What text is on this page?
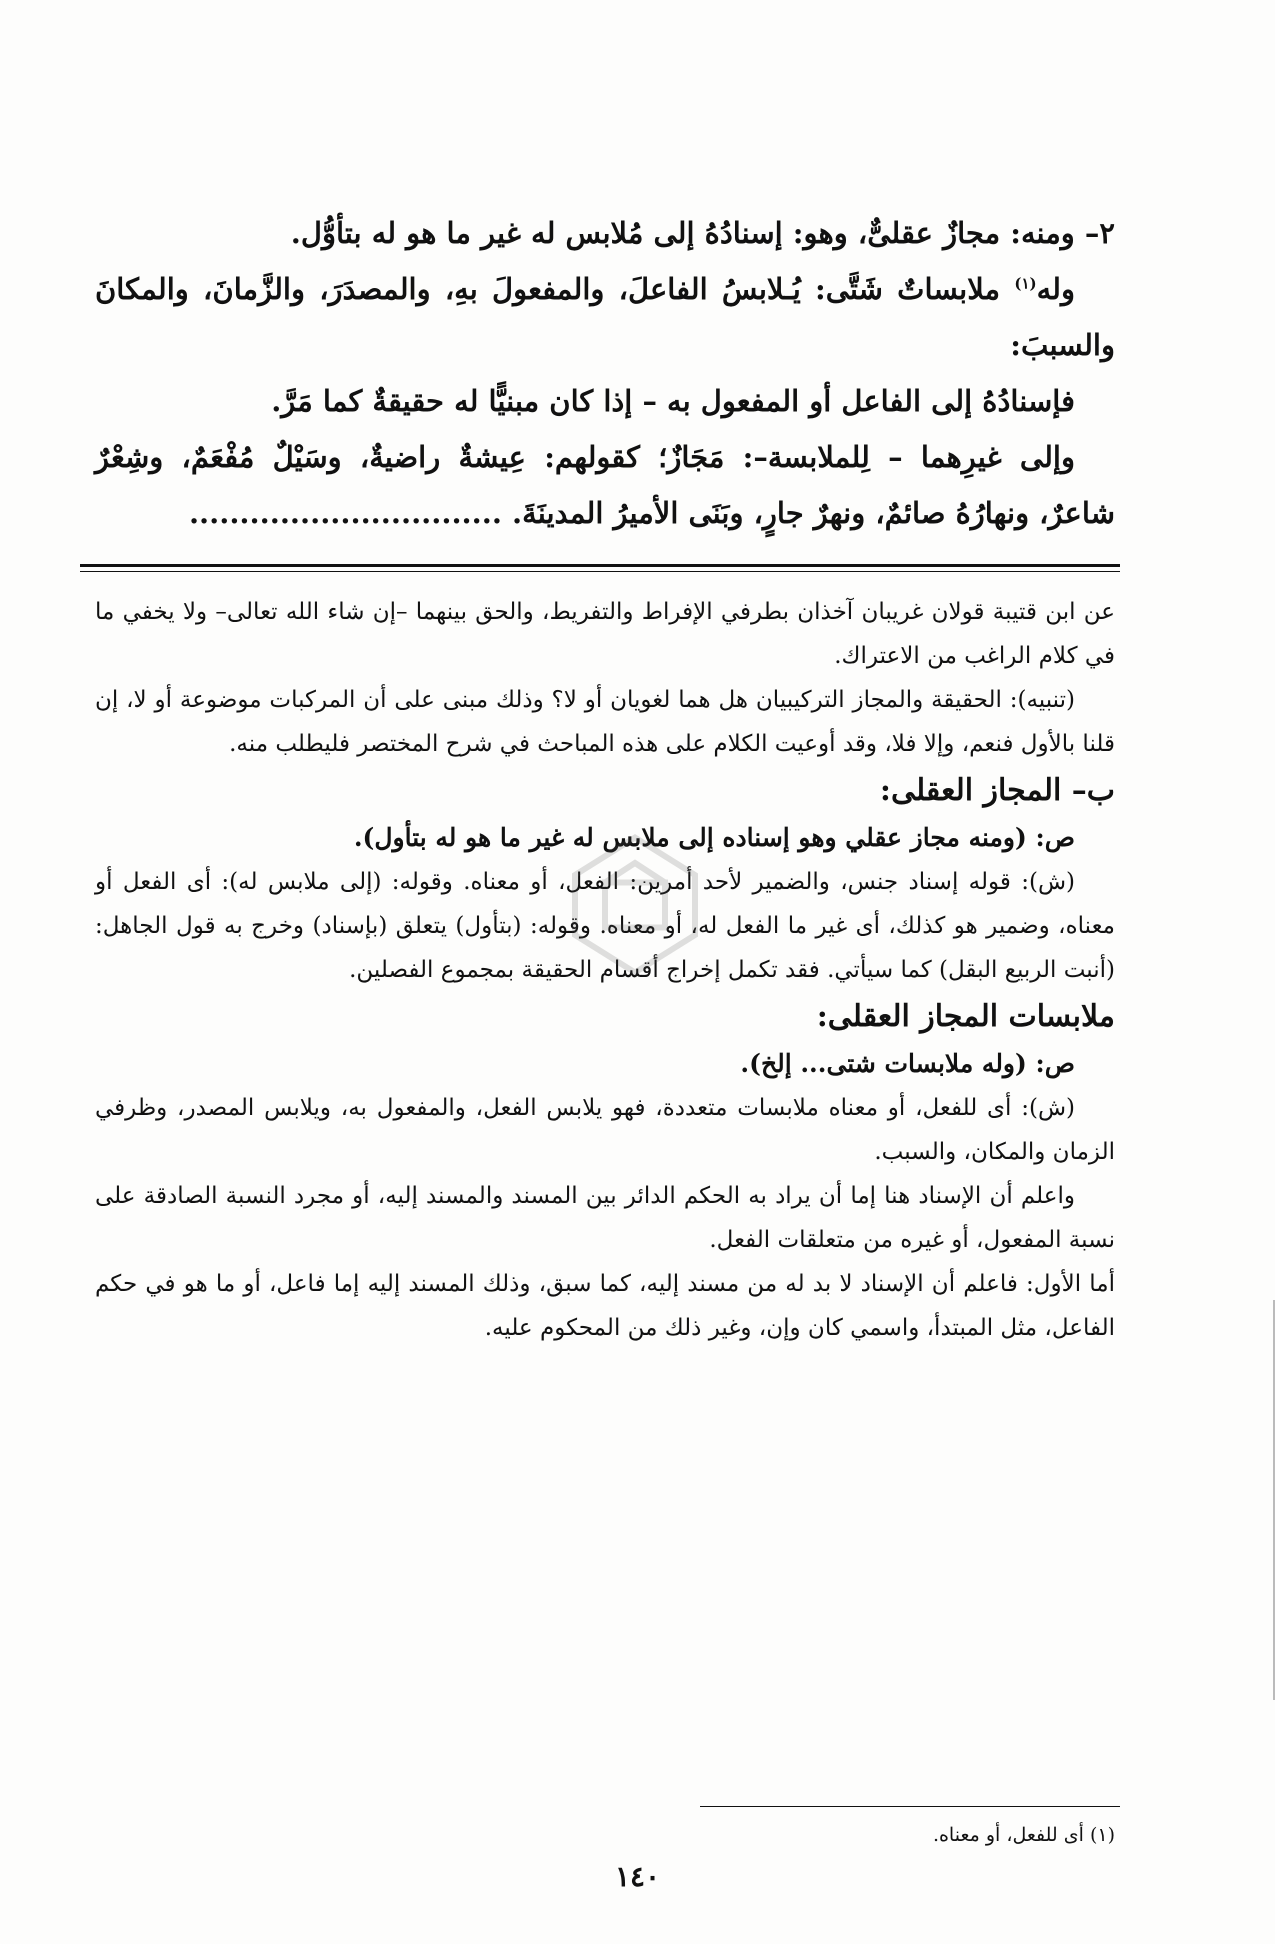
٢– ومنه: مجازٌ عقلىٌّ، وهو: إسنادُهُ إلى مُلابس له غير ما هو له بتأوُّل.

وله$^{(١)}$ ملابساتٌ شَتَّى: يُـلابسُ الفاعلَ، والمفعولَ بهِ، والمصدَرَ، والزَّمانَ، والمكانَ والسببَ:

فإسنادُهُ إلى الفاعل أو المفعول به – إذا كان مبنيًّا له حقيقةٌ كما مَرَّ.

وإلى غيرِهما – لِلملابسة–: مَجَازٌ؛ كقولهم: عِيشةٌ راضيةٌ، وسَيْلٌ مُفْعَمٌ، وشِعْرٌ شاعرٌ، ونهارُهُ صائمٌ، ونهرٌ جارٍ، وبَنَى الأميرُ المدينَةَ. ...............................

عن ابن قتيبة قولان غريبان آخذان بطرفي الإفراط والتفريط، والحق بينهما –إن شاء الله تعالى– ولا يخفي ما في كلام الراغب من الاعتراك.

(تنبيه): الحقيقة والمجاز التركيبيان هل هما لغويان أو لا؟ وذلك مبنى على أن المركبات موضوعة أو لا، إن قلنا بالأول فنعم، وإلا فلا، وقد أوعيت الكلام على هذه المباحث في شرح المختصر فليطلب منه.

ب– المجاز العقلى:

ص: (ومنه مجاز عقلي وهو إسناده إلى ملابس له غير ما هو له بتأول).

(ش): قوله إسناد جنس، والضمير لأحد أمرين: الفعل، أو معناه. وقوله: (إلى ملابس له): أى الفعل أو معناه، وضمير هو كذلك، أى غير ما الفعل له، أو معناه. وقوله: (بتأول) يتعلق (بإسناد) وخرج به قول الجاهل: (أنبت الربيع البقل) كما سيأتي. فقد تكمل إخراج أقسام الحقيقة بمجموع الفصلين.

ملابسات المجاز العقلى:

ص: (وله ملابسات شتى... إلخ).

(ش): أى للفعل، أو معناه ملابسات متعددة، فهو يلابس الفعل، والمفعول به، ويلابس المصدر، وظرفي الزمان والمكان، والسبب.

واعلم أن الإسناد هنا إما أن يراد به الحكم الدائر بين المسند والمسند إليه، أو مجرد النسبة الصادقة على نسبة المفعول، أو غيره من متعلقات الفعل.

أما الأول: فاعلم أن الإسناد لا بد له من مسند إليه، كما سبق، وذلك المسند إليه إما فاعل، أو ما هو في حكم الفاعل، مثل المبتدأ، واسمي كان وإن، وغير ذلك من المحكوم عليه.

(١) أى للفعل، أو معناه.
١٤٠
